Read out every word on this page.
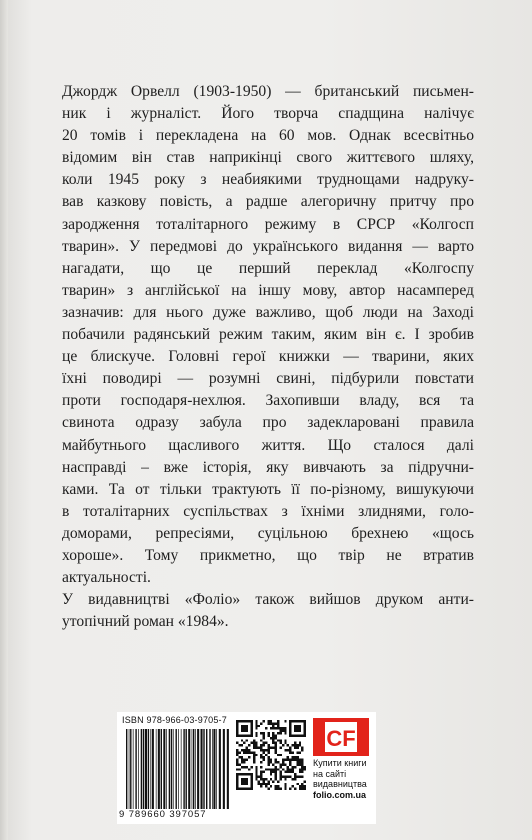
Джордж Орвелл (1903-1950) — британський письмен-
ник і журналіст. Його творча спадщина налічує
20 томів і перекладена на 60 мов. Однак всесвітньо
відомим він став наприкінці свого життєвого шляху,
коли 1945 року з неабиякими труднощами надруку-
вав казкову повість, а радше алегоричну притчу про
зародження тоталітарного режиму в СРСР «Колгосп
тварин». У передмові до українського видання — варто
нагадати, що це перший переклад «Колгоспу
тварин» з англійської на іншу мову, автор насамперед
зазначив: для нього дуже важливо, щоб люди на Заході
побачили радянський режим таким, яким він є. І зробив
це блискуче. Головні герої книжки — тварини, яких
їхні поводирі — розумні свині, підбурили повстати
проти господаря-нехлюя. Захопивши владу, вся та
свинота одразу забула про задекларовані правила
майбутнього щасливого життя. Що сталося далі
насправді – вже історія, яку вивчають за підручни-
ками. Та от тільки трактують її по-різному, вишукуючи
в тоталітарних суспільствах з їхніми злиднями, голо-
доморами, репресіями, суцільною брехнею «щось
хороше». Тому прикметно, що твір не втратив
актуальності.

У видавництві «Фоліо» також вийшов друком анти-
утопічний роман «1984».

ISBN 978-966-03-9705-7
9 789660 397057
CF
Купити книги
на сайті
видавництва
folio.com.ua
